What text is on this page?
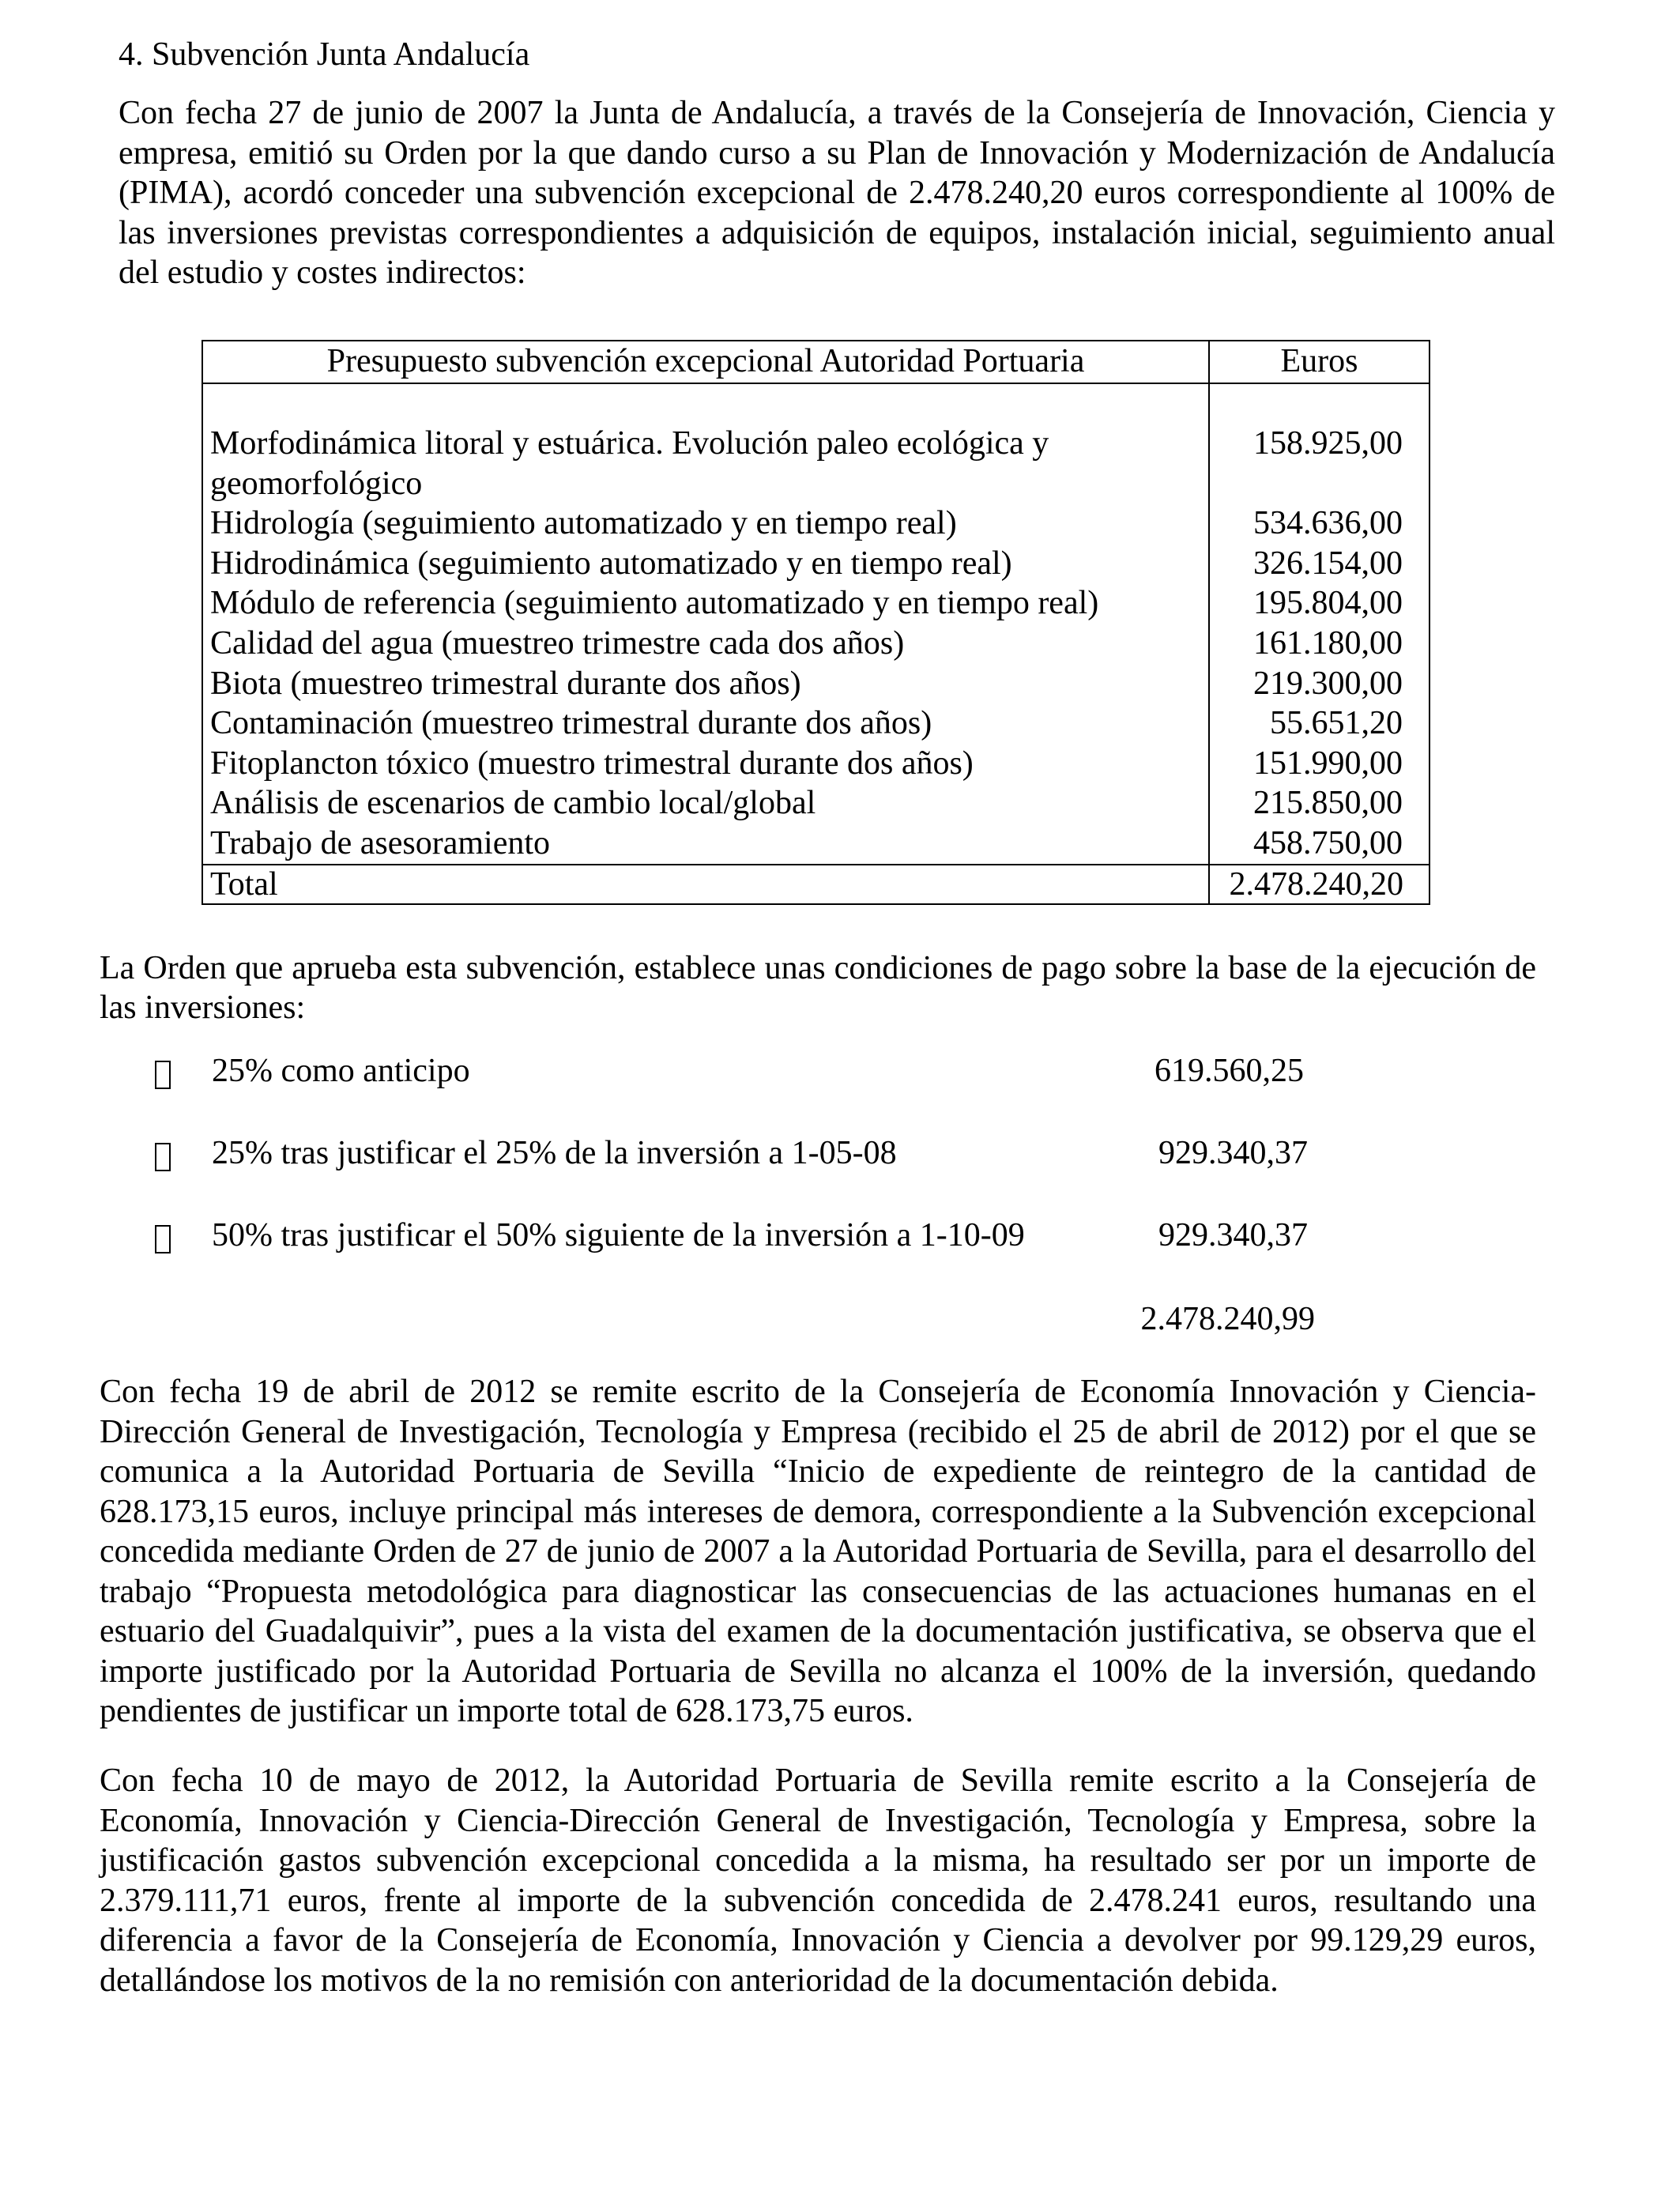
4. Subvención Junta Andalucía
Con fecha 27 de junio de 2007 la Junta de Andalucía, a través de la Consejería de Innovación, Ciencia y empresa, emitió su Orden por la que dando curso a su Plan de Innovación y Modernización de Andalucía (PIMA), acordó conceder una subvención excepcional de 2.478.240,20 euros correspondiente al 100% de las inversiones previstas correspondientes a adquisición de equipos, instalación inicial, seguimiento anual del estudio y costes indirectos:
Presupuesto subvención excepcional Autoridad Portuaria	Euros

Morfodinámica litoral y estuárica. Evolución paleo ecológica y geomorfológico	158.925,00
Hidrología (seguimiento automatizado y en tiempo real)	534.636,00
Hidrodinámica (seguimiento automatizado y en tiempo real)	326.154,00
Módulo de referencia (seguimiento automatizado y en tiempo real)	195.804,00
Calidad del agua (muestreo trimestre cada dos años)	161.180,00
Biota (muestreo trimestral durante dos años)	219.300,00
Contaminación (muestreo trimestral durante dos años)	55.651,20
Fitoplancton tóxico (muestro trimestral durante dos años)	151.990,00
Análisis de escenarios de cambio local/global	215.850,00
Trabajo de asesoramiento	458.750,00
Total	2.478.240,20
La Orden que aprueba esta subvención, establece unas condiciones de pago sobre la base de la ejecución de las inversiones:
25% como anticipo	619.560,25
25% tras justificar el 25% de la inversión a 1-05-08	929.340,37
50% tras justificar el 50% siguiente de la inversión a 1-10-09	929.340,37
2.478.240,99
Con fecha 19 de abril de 2012 se remite escrito de la Consejería de Economía Innovación y Ciencia-Dirección General de Investigación, Tecnología y Empresa (recibido el 25 de abril de 2012) por el que se comunica a la Autoridad Portuaria de Sevilla “Inicio de expediente de reintegro de la cantidad de 628.173,15 euros, incluye principal más intereses de demora, correspondiente a la Subvención excepcional concedida mediante Orden de 27 de junio de 2007 a la Autoridad Portuaria de Sevilla, para el desarrollo del trabajo “Propuesta metodológica para diagnosticar las consecuencias de las actuaciones humanas en el estuario del Guadalquivir”, pues a la vista del examen de la documentación justificativa, se observa que el importe justificado por la Autoridad Portuaria de Sevilla no alcanza el 100% de la inversión, quedando pendientes de justificar un importe total de 628.173,75 euros.
Con fecha 10 de mayo de 2012, la Autoridad Portuaria de Sevilla remite escrito a la Consejería de Economía, Innovación y Ciencia-Dirección General de Investigación, Tecnología y Empresa, sobre la justificación gastos subvención excepcional concedida a la misma, ha resultado ser por un importe de 2.379.111,71 euros, frente al importe de la subvención concedida de 2.478.241 euros, resultando una diferencia a favor de la Consejería de Economía, Innovación y Ciencia a devolver por 99.129,29 euros, detallándose los motivos de la no remisión con anterioridad de la documentación debida.
